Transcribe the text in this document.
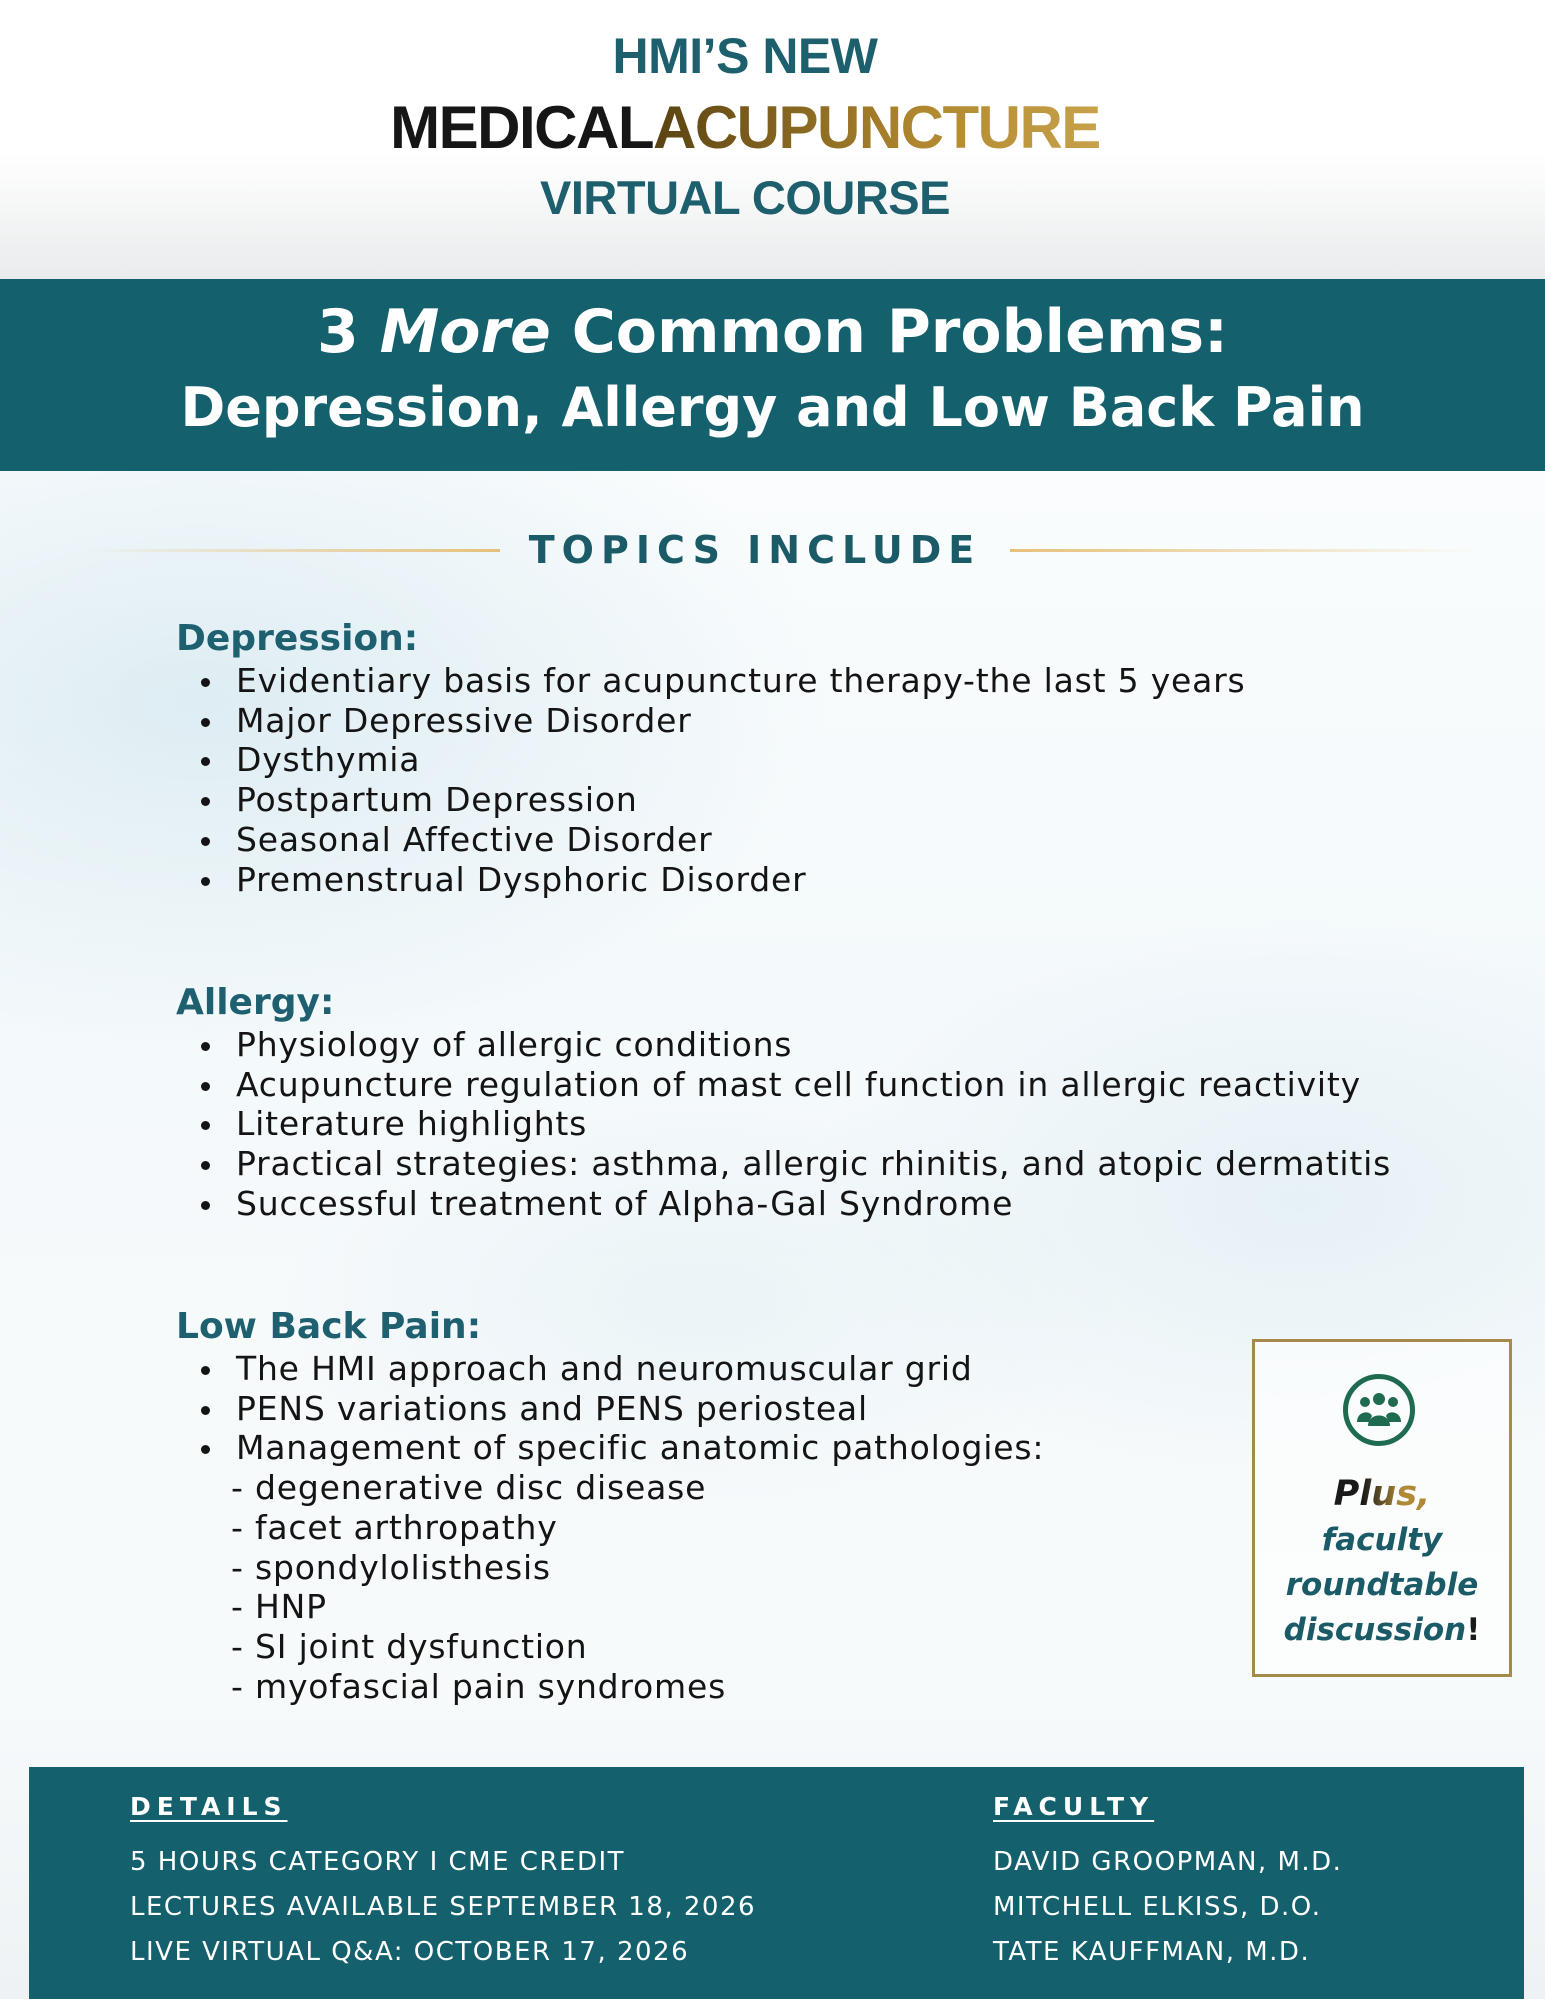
HMI’S NEW
MEDICALACUPUNCTURE
VIRTUAL COURSE
3 More Common Problems:
Depression, Allergy and Low Back Pain
TOPICS INCLUDE
Depression:
Evidentiary basis for acupuncture therapy-the last 5 years
Major Depressive Disorder
Dysthymia
Postpartum Depression
Seasonal Affective Disorder
Premenstrual Dysphoric Disorder
Allergy:
Physiology of allergic conditions
Acupuncture regulation of mast cell function in allergic reactivity
Literature highlights
Practical strategies: asthma, allergic rhinitis, and atopic dermatitis
Successful treatment of Alpha-Gal Syndrome
Low Back Pain:
The HMI approach and neuromuscular grid
PENS variations and PENS periosteal
Management of specific anatomic pathologies:
- degenerative disc disease
- facet arthropathy
- spondylolisthesis
- HNP
- SI joint dysfunction
- myofascial pain syndromes
Plus,
faculty
roundtable
discussion!
DETAILS
5 HOURS CATEGORY I CME CREDIT
LECTURES AVAILABLE SEPTEMBER 18, 2026
LIVE VIRTUAL Q&A: OCTOBER 17, 2026
FACULTY
DAVID GROOPMAN, M.D.
MITCHELL ELKISS, D.O.
TATE KAUFFMAN, M.D.
